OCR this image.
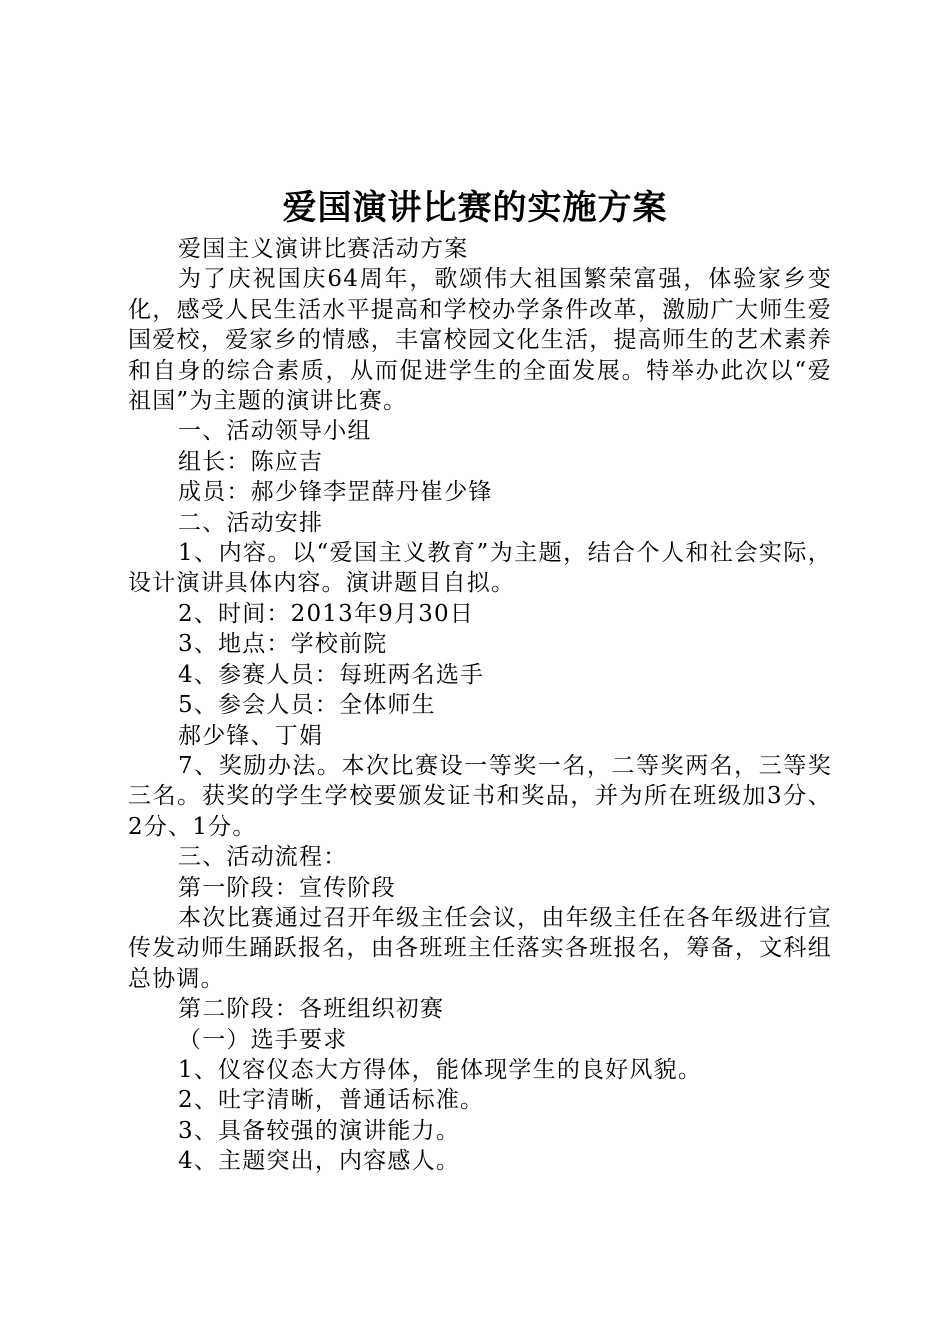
爱国演讲比赛的实施方案

爱国主义演讲比赛活动方案

为了庆祝国庆64周年，歌颂伟大祖国繁荣富强，体验家乡变化，感受人民生活水平提高和学校办学条件改革，激励广大师生爱国爱校，爱家乡的情感，丰富校园文化生活，提高师生的艺术素养和自身的综合素质，从而促进学生的全面发展。特举办此次以“爱祖国”为主题的演讲比赛。

一、活动领导小组

组长：陈应吉

成员：郝少锋李罡薛丹崔少锋

二、活动安排

1、内容。以“爱国主义教育”为主题，结合个人和社会实际，设计演讲具体内容。演讲题目自拟。

2、时间：2013年9月30日

3、地点：学校前院

4、参赛人员：每班两名选手

5、参会人员：全体师生

郝少锋、丁娟

7、奖励办法。本次比赛设一等奖一名，二等奖两名，三等奖三名。获奖的学生学校要颁发证书和奖品，并为所在班级加3分、2分、1分。

三、活动流程：

第一阶段：宣传阶段

本次比赛通过召开年级主任会议，由年级主任在各年级进行宣传发动师生踊跃报名，由各班班主任落实各班报名，筹备，文科组总协调。

第二阶段：各班组织初赛

（一）选手要求

1、仪容仪态大方得体，能体现学生的良好风貌。

2、吐字清晰，普通话标准。

3、具备较强的演讲能力。

4、主题突出，内容感人。
